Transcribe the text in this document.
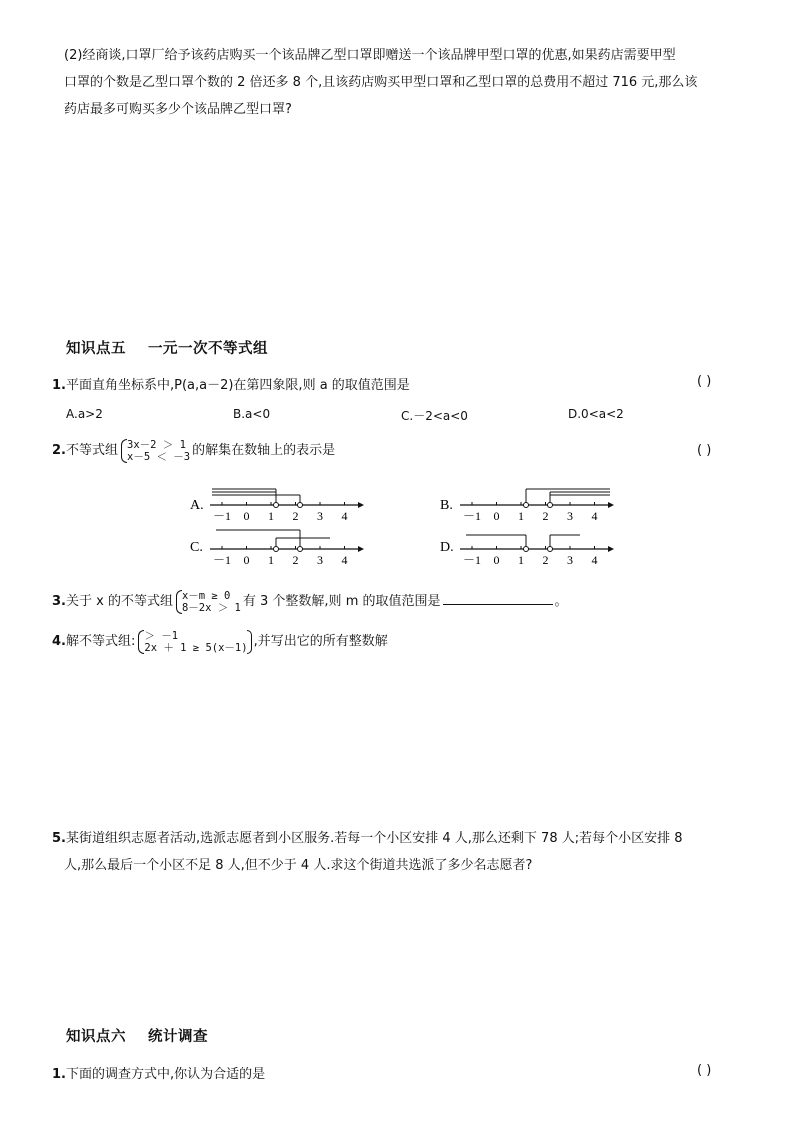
(2)经商谈,口罩厂给予该药店购买一个该品牌乙型口罩即赠送一个该品牌甲型口罩的优惠,如果药店需要甲型

口罩的个数是乙型口罩个数的 2 倍还多 8 个,且该药店购买甲型口罩和乙型口罩的总费用不超过 716 元,那么该

药店最多可购买多少个该品牌乙型口罩?

知识点五 一元一次不等式组
1.平面直角坐标系中,P(a,a－2)在第四象限,则 a 的取值范围是	( )
A.a>2	B.a<0	C.－2<a<0	D.0<a<2
2.不等式组 3x－2 ＞ 1
x－5 ＜ －3 的解集在数轴上的表示是	( )
A.
－1 0 1 2 3 4
B.
－1 0 1 2 3 4
C.
－1 0 1 2 3 4
D.
－1 0 1 2 3 4
3.关于 x 的不等式组 x－m ≥ 0
8－2x ＞ 1 有 3 个整数解,则 m 的取值范围是	。
4.解不等式组: ＞ －1
2x ＋ 1 ≥ 5(x－1) ,并写出它的所有整数解

5.某街道组织志愿者活动,选派志愿者到小区服务.若每一个小区安排 4 人,那么还剩下 78 人;若每个小区安排 8

人,那么最后一个小区不足 8 人,但不少于 4 人.求这个街道共选派了多少名志愿者?

知识点六 统计调查
1.下面的调查方式中,你认为合适的是	( )
